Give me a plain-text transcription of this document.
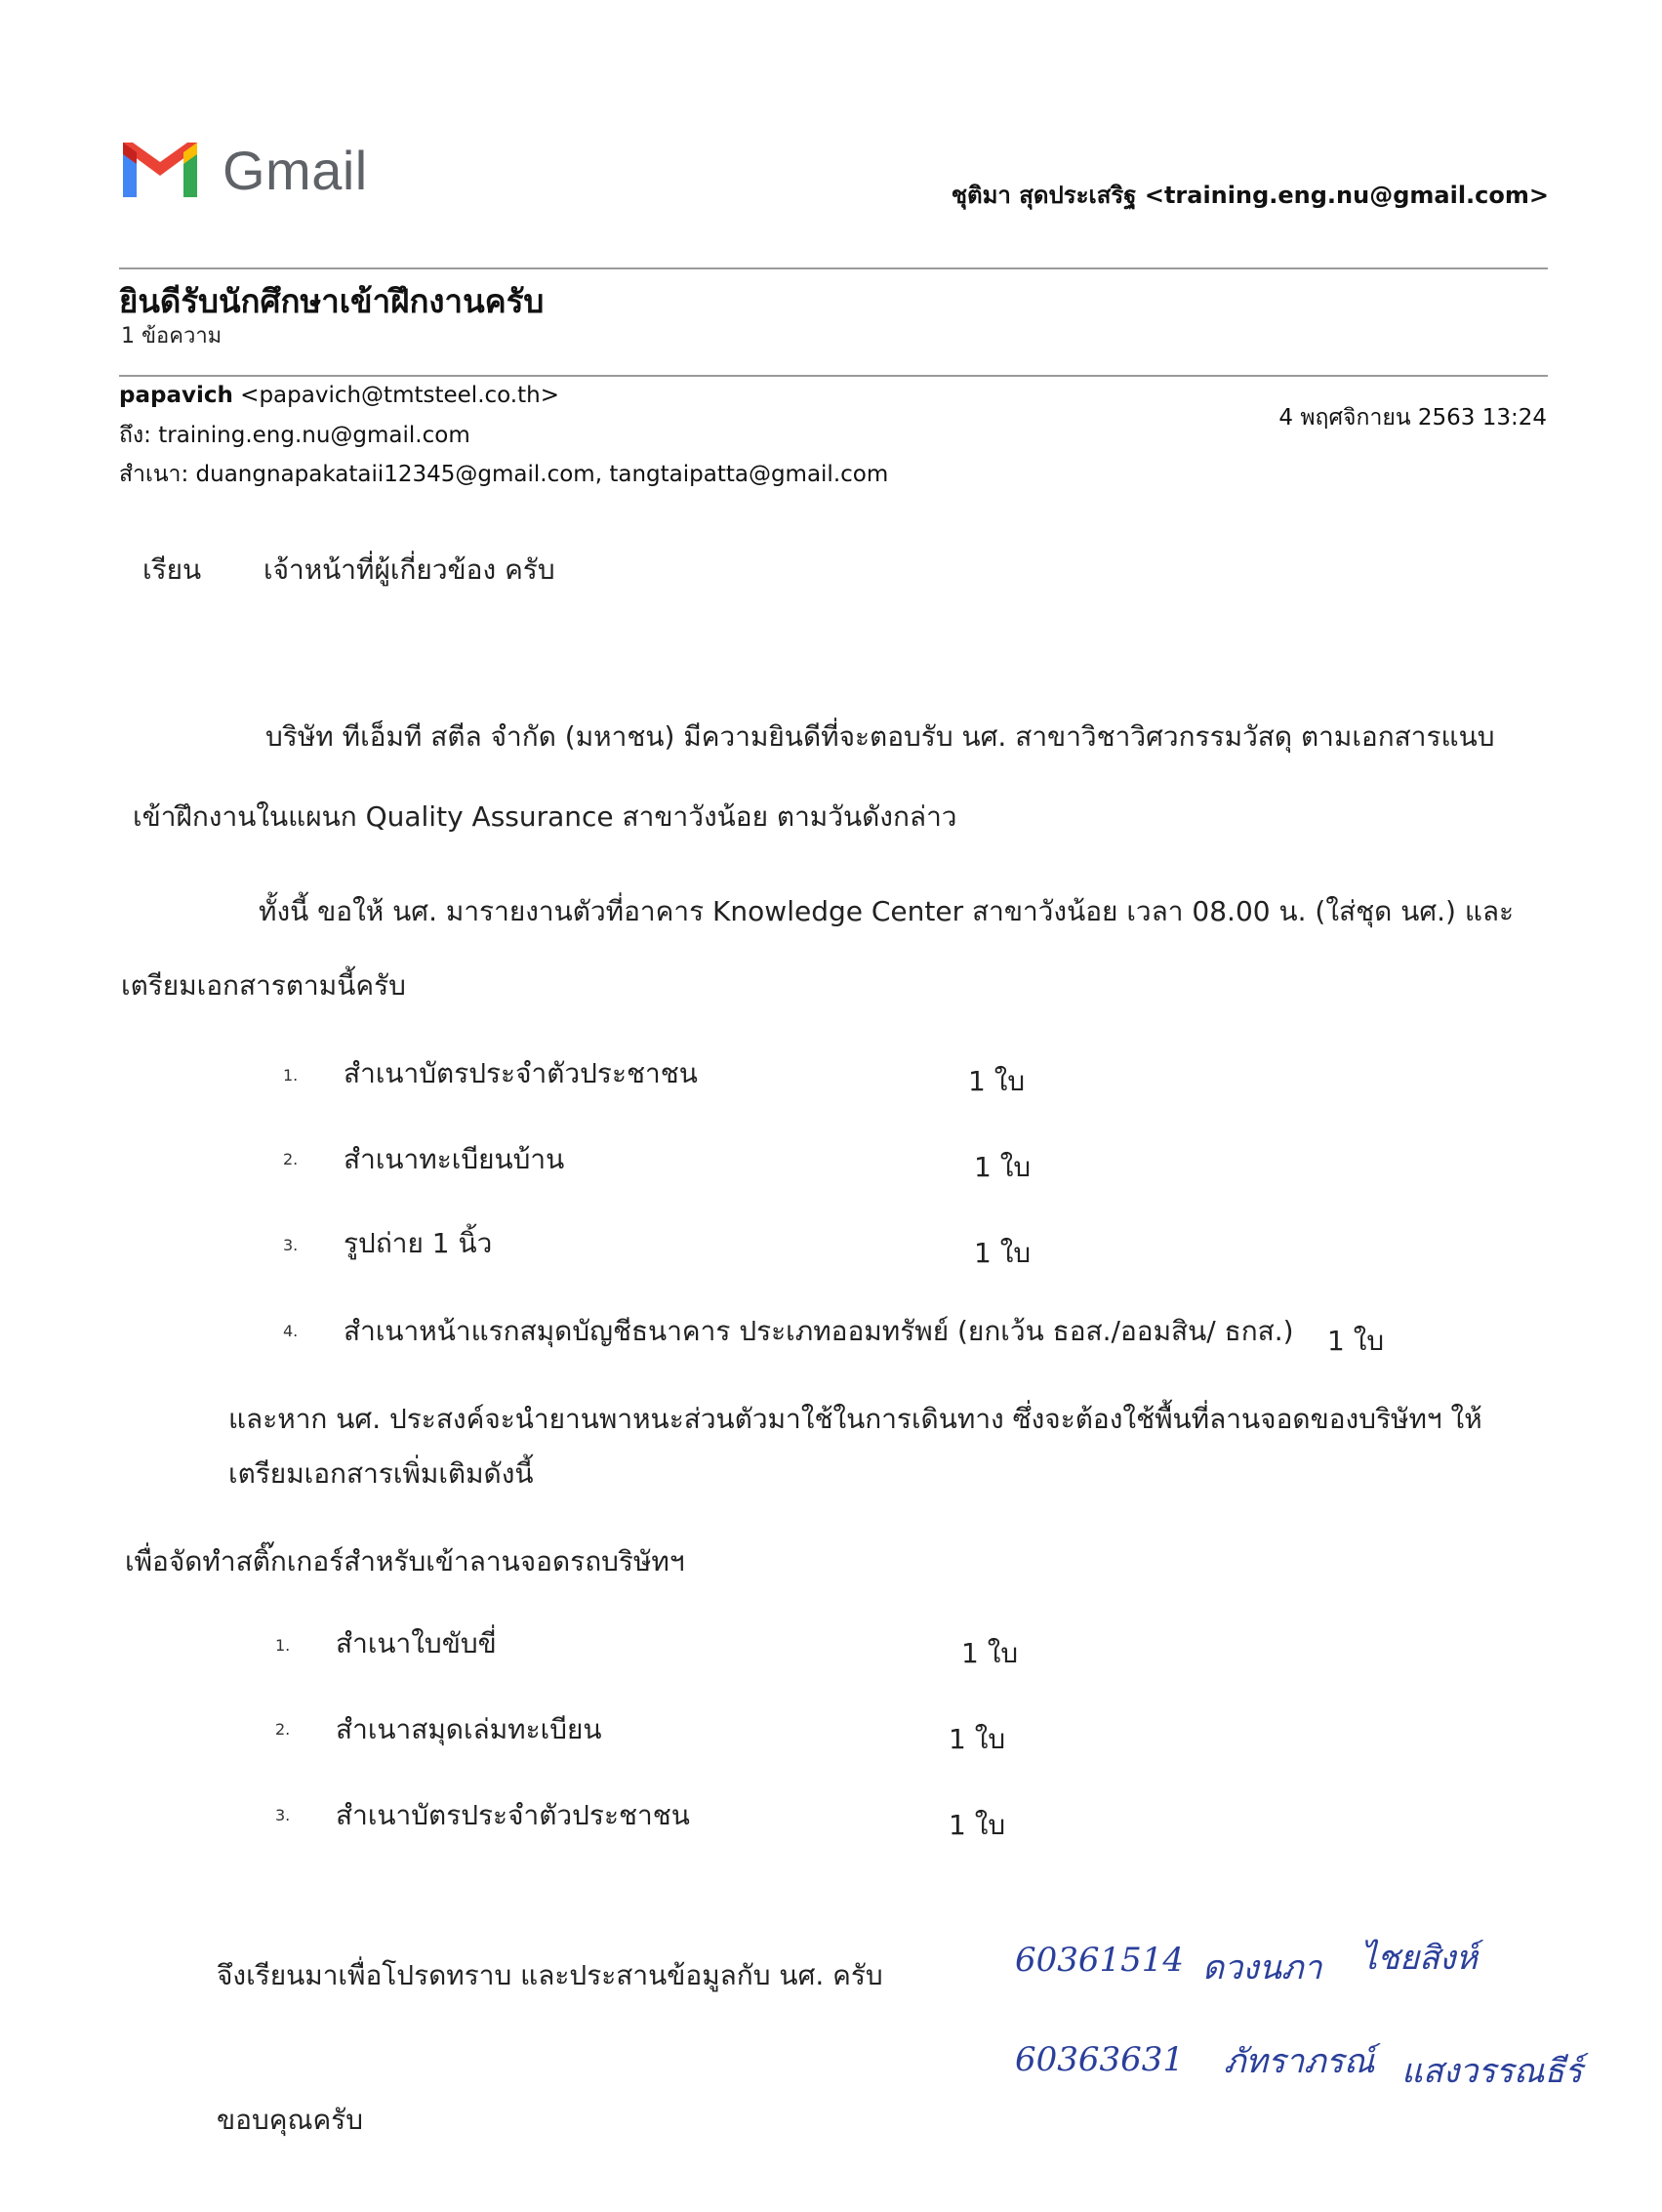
Gmail	ชุติมา สุดประเสริฐ <training.eng.nu@gmail.com>
ยินดีรับนักศึกษาเข้าฝึกงานครับ
1 ข้อความ
papavich <papavich@tmtsteel.co.th>
ถึง: training.eng.nu@gmail.com
สำเนา: duangnapakataii12345@gmail.com, tangtaipatta@gmail.com
4 พฤศจิกายน 2563 13:24
เรียน เจ้าหน้าที่ผู้เกี่ยวข้อง ครับ
บริษัท ทีเอ็มที สตีล จำกัด (มหาชน) มีความยินดีที่จะตอบรับ นศ. สาขาวิชาวิศวกรรมวัสดุ ตามเอกสารแนบ
เข้าฝึกงานในแผนก Quality Assurance สาขาวังน้อย ตามวันดังกล่าว
ทั้งนี้ ขอให้ นศ. มารายงานตัวที่อาคาร Knowledge Center สาขาวังน้อย เวลา 08.00 น. (ใส่ชุด นศ.) และ
เตรียมเอกสารตามนี้ครับ
1. สำเนาบัตรประจำตัวประชาชน	1 ใบ
2. สำเนาทะเบียนบ้าน	1 ใบ
3. รูปถ่าย 1 นิ้ว	1 ใบ
4. สำเนาหน้าแรกสมุดบัญชีธนาคาร ประเภทออมทรัพย์ (ยกเว้น ธอส./ออมสิน/ ธกส.) 1 ใบ
และหาก นศ. ประสงค์จะนำยานพาหนะส่วนตัวมาใช้ในการเดินทาง ซึ่งจะต้องใช้พื้นที่ลานจอดของบริษัทฯ ให้
เตรียมเอกสารเพิ่มเติมดังนี้
เพื่อจัดทำสติ๊กเกอร์สำหรับเข้าลานจอดรถบริษัทฯ
1. สำเนาใบขับขี่	1 ใบ
2. สำเนาสมุดเล่มทะเบียน	1 ใบ
3. สำเนาบัตรประจำตัวประชาชน	1 ใบ
จึงเรียนมาเพื่อโปรดทราบ และประสานข้อมูลกับ นศ. ครับ	60361514 ดวงนภา ไชยสิงห์
60363631 ภัทราภรณ์ แสงวรรณธีร์
ขอบคุณครับ
